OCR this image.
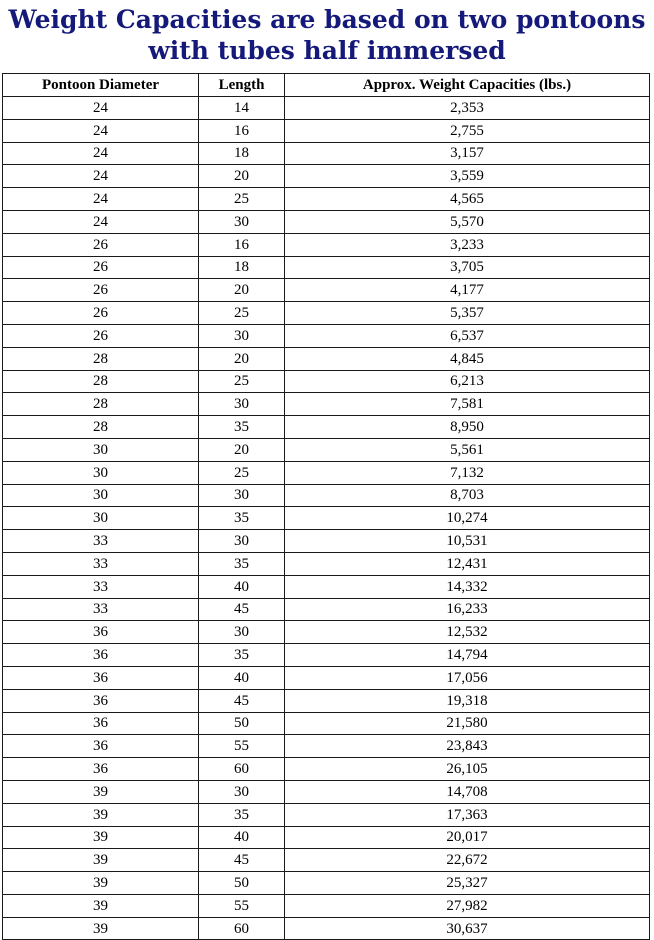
Weight Capacities are based on two pontoons
with tubes half immersed
Pontoon Diameter	Length	Approx. Weight Capacities (lbs.)
24	14	2,353
24	16	2,755
24	18	3,157
24	20	3,559
24	25	4,565
24	30	5,570
26	16	3,233
26	18	3,705
26	20	4,177
26	25	5,357
26	30	6,537
28	20	4,845
28	25	6,213
28	30	7,581
28	35	8,950
30	20	5,561
30	25	7,132
30	30	8,703
30	35	10,274
33	30	10,531
33	35	12,431
33	40	14,332
33	45	16,233
36	30	12,532
36	35	14,794
36	40	17,056
36	45	19,318
36	50	21,580
36	55	23,843
36	60	26,105
39	30	14,708
39	35	17,363
39	40	20,017
39	45	22,672
39	50	25,327
39	55	27,982
39	60	30,637
